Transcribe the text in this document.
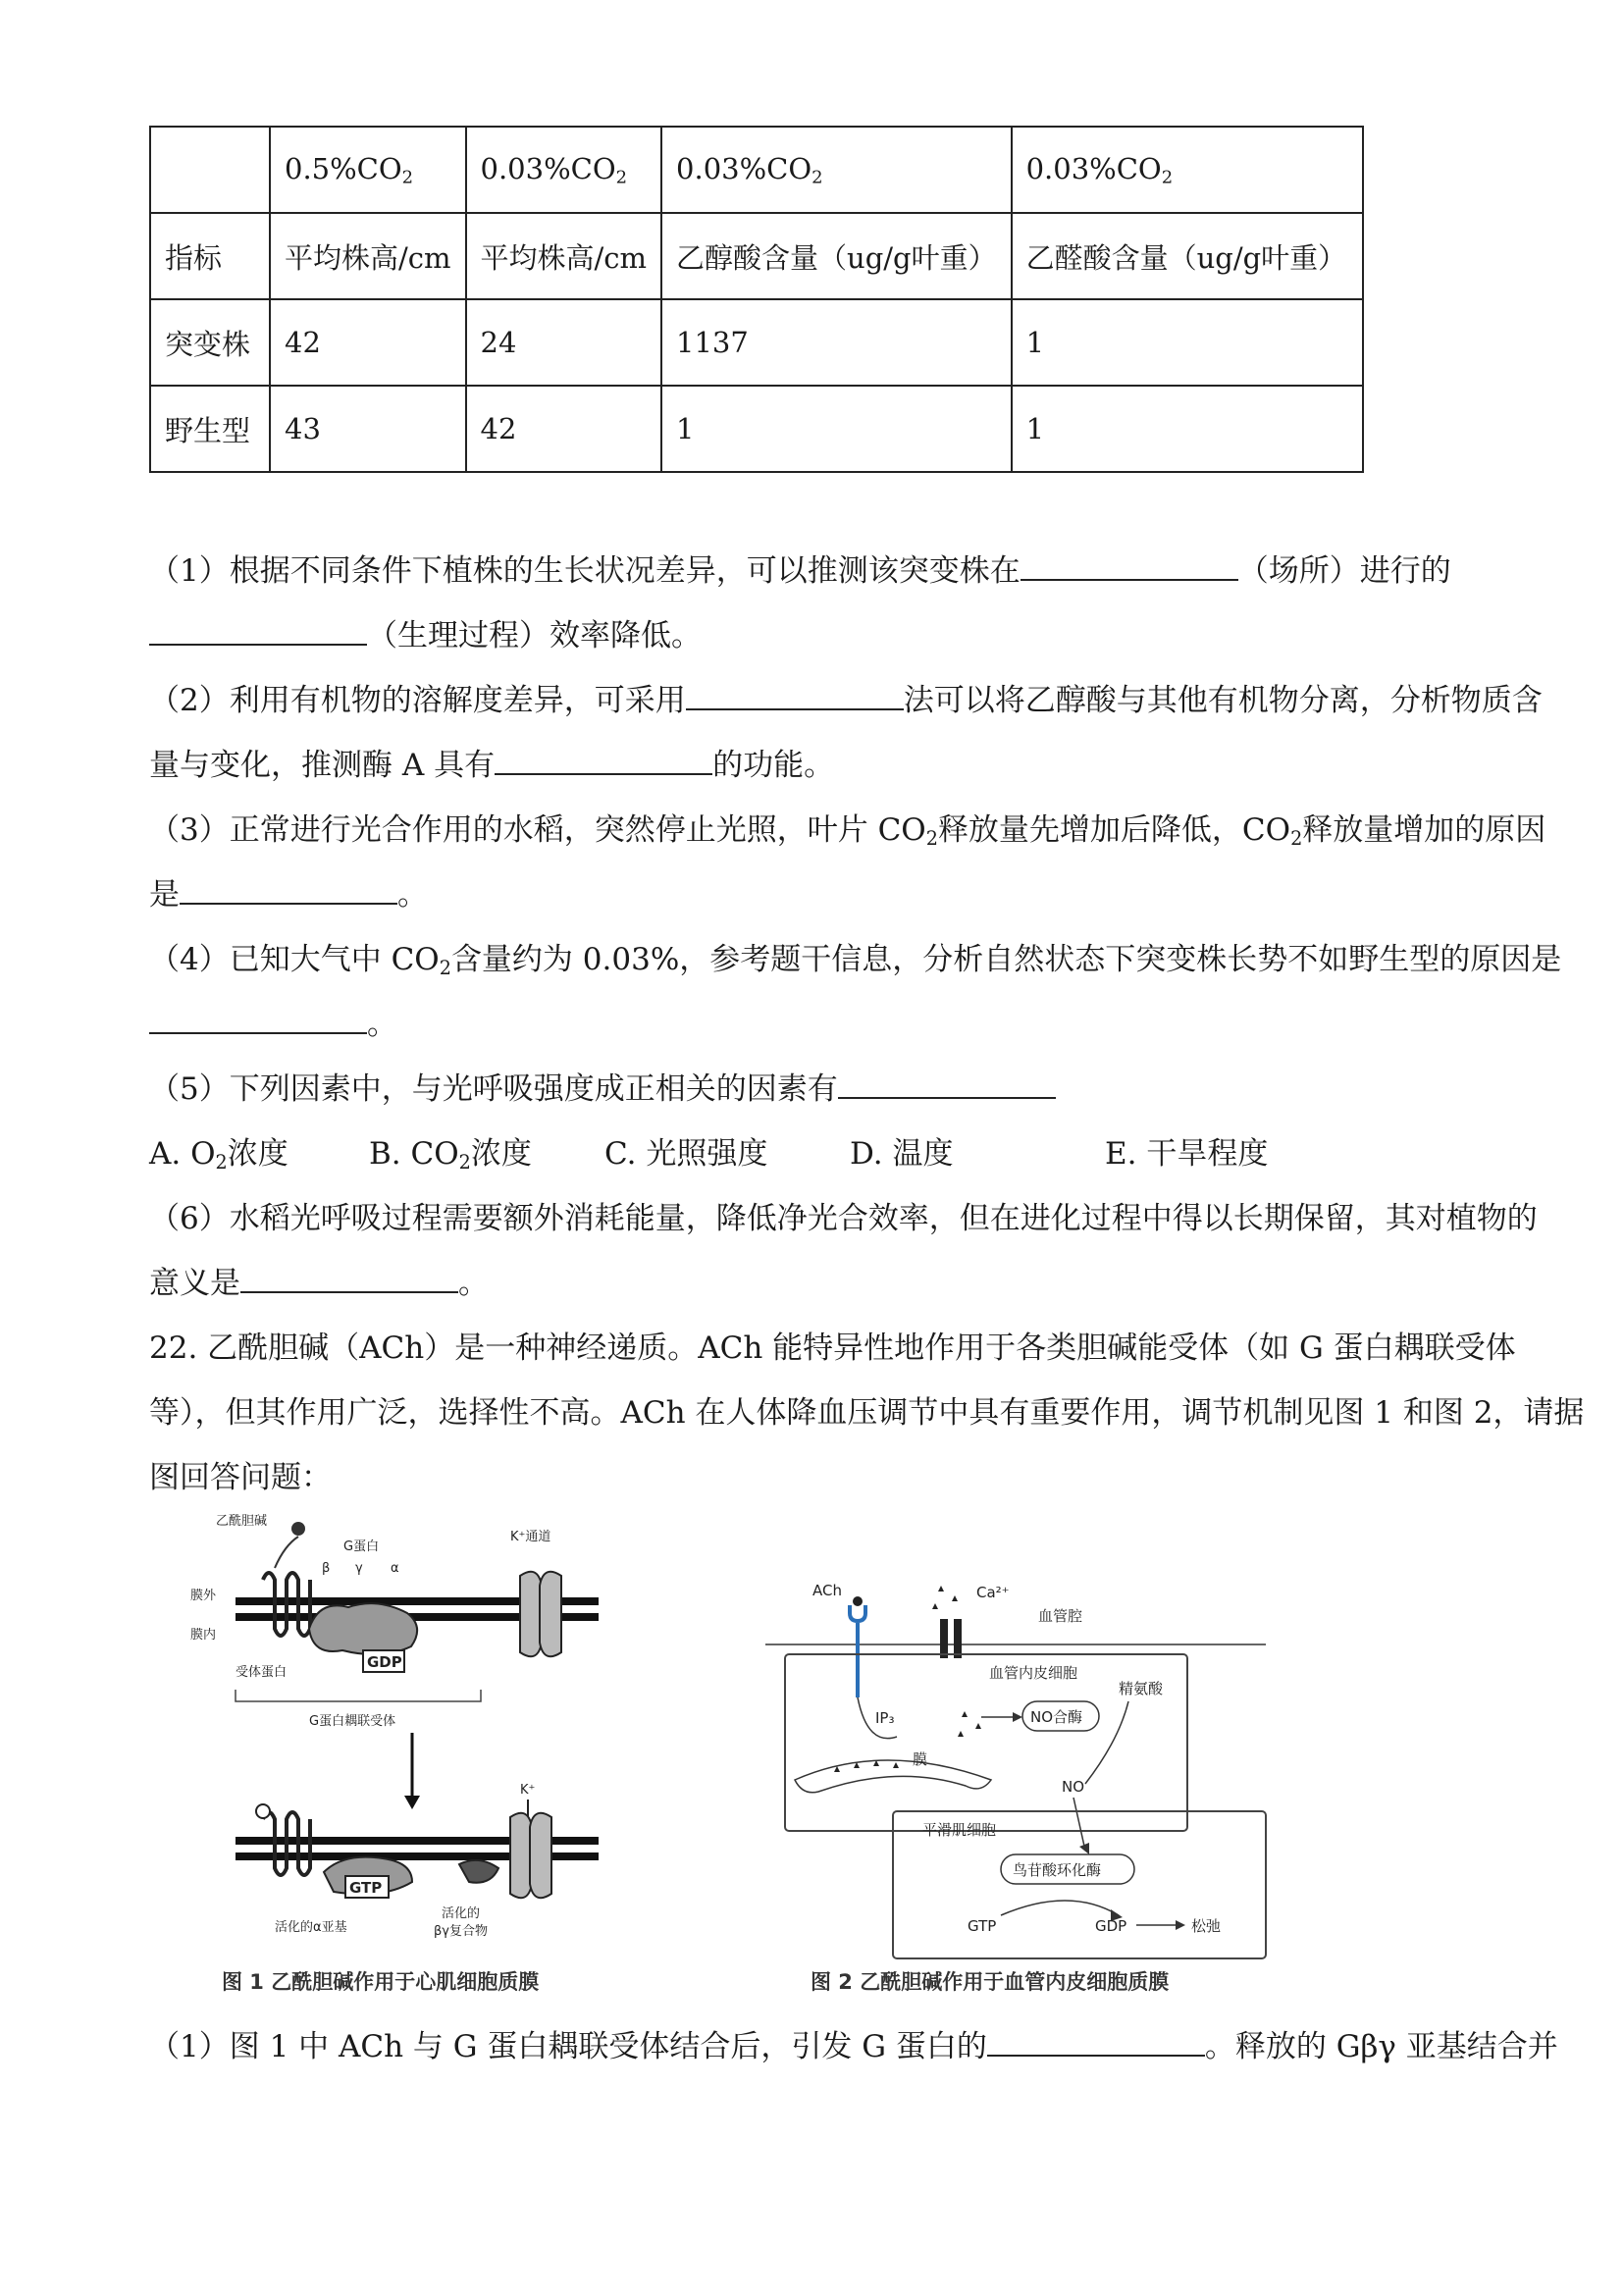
	$0.5\%CO_2$	$0.03\%CO_2$	$0.03\%CO_2$	$0.03\%CO_2$
指标	平均株高/cm	平均株高/cm	乙醇酸含量（ug/g叶重）	乙醛酸含量（ug/g叶重）
突变株	42	24	1137	1
野生型	43	42	1	1
（1）根据不同条件下植株的生长状况差异，可以推测该突变株在	（场所）进行的
（生理过程）效率降低。
（2）利用有机物的溶解度差异，可采用	法可以将乙醇酸与其他有机物分离，分析物质含
量与变化，推测酶 A 具有	的功能。
（3）正常进行光合作用的水稻，突然停止光照，叶片 $CO_2$释放量先增加后降低，$CO_2$释放量增加的原因
是	。
（4）已知大气中 $CO_2$含量约为 0.03%，参考题干信息，分析自然状态下突变株长势不如野生型的原因是
。
（5）下列因素中，与光呼吸强度成正相关的因素有
A. $O_2$浓度	B. $CO_2$浓度 C. 光照强度	D. 温度	E. 干旱程度
（6）水稻光呼吸过程需要额外消耗能量，降低净光合效率，但在进化过程中得以长期保留，其对植物的
意义是	。
22. 乙酰胆碱（ACh）是一种神经递质。ACh 能特异性地作用于各类胆碱能受体（如 G 蛋白耦联受体
等），但其作用广泛，选择性不高。ACh 在人体降血压调节中具有重要作用，调节机制见图 1 和图 2，请据
图回答问题：
乙酰胆碱
G蛋白
β γ α
K⁺通道
膜外
膜内
GDP
受体蛋白
G蛋白耦联受体
K⁺
GTP
活化的α亚基
活化的
βγ复合物
图 1 乙酰胆碱作用于心肌细胞质膜
ACh	Ca²⁺
血管腔
血管内皮细胞
精氨酸
IP₃	NO合酶
膜
NO
平滑肌细胞
鸟苷酸环化酶
GTP	GDP	松弛
图 2 乙酰胆碱作用于血管内皮细胞质膜
（1）图 1 中 ACh 与 G 蛋白耦联受体结合后，引发 G 蛋白的	。释放的 Gβγ 亚基结合并
